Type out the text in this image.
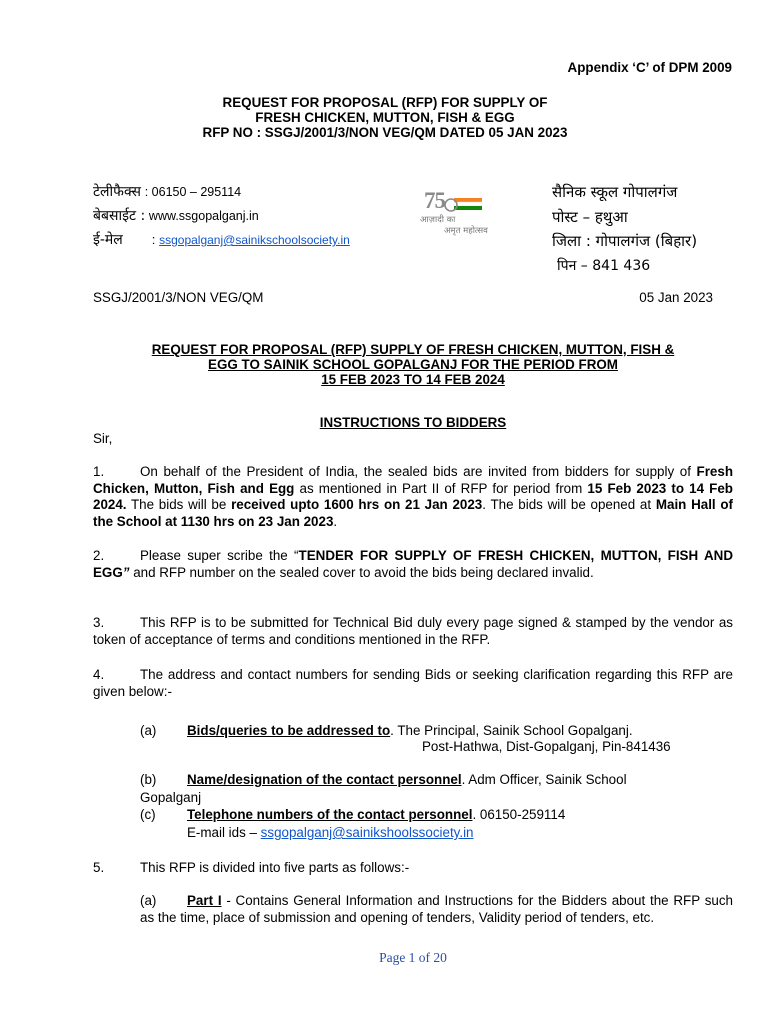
Appendix ‘C’ of DPM 2009
REQUEST FOR PROPOSAL (RFP) FOR SUPPLY OF
FRESH CHICKEN, MUTTON, FISH & EGG
RFP NO : SSGJ/2001/3/NON VEG/QM DATED 05 JAN 2023
टेलीफैक्स : 06150 – 295114
बेबसाईट : www.ssgopalganj.in
ई-मेल : ssgopalganj@sainikschoolsociety.in
75
आज़ादी का
अमृत महोत्सव
सैनिक स्कूल गोपालगंज
पोस्ट – हथुआ
जिला : गोपालगंज (बिहार)
पिन – 841 436
SSGJ/2001/3/NON VEG/QM	05 Jan 2023
REQUEST FOR PROPOSAL (RFP) SUPPLY OF FRESH CHICKEN, MUTTON, FISH &
EGG TO SAINIK SCHOOL GOPALGANJ FOR THE PERIOD FROM
15 FEB 2023 TO 14 FEB 2024
INSTRUCTIONS TO BIDDERS
Sir,
1.	On behalf of the President of India, the sealed bids are invited from bidders for supply of Fresh Chicken, Mutton, Fish and Egg as mentioned in Part II of RFP for period from 15 Feb 2023 to 14 Feb 2024. The bids will be received upto 1600 hrs on 21 Jan 2023. The bids will be opened at Main Hall of the School at 1130 hrs on 23 Jan 2023.
2.	Please super scribe the “TENDER FOR SUPPLY OF FRESH CHICKEN, MUTTON, FISH AND EGG” and RFP number on the sealed cover to avoid the bids being declared invalid.
3.	This RFP is to be submitted for Technical Bid duly every page signed & stamped by the vendor as token of acceptance of terms and conditions mentioned in the RFP.
4.	The address and contact numbers for sending Bids or seeking clarification regarding this RFP are given below:-
(a) Bids/queries to be addressed to. The Principal, Sainik School Gopalganj.
Post-Hathwa, Dist-Gopalganj, Pin-841436
(b) Name/designation of the contact personnel. Adm Officer, Sainik School
Gopalganj
(c) Telephone numbers of the contact personnel. 06150-259114
E-mail ids – ssgopalganj@sainikshoolssociety.in
5.	This RFP is divided into five parts as follows:-
(a) Part I - Contains General Information and Instructions for the Bidders about the RFP such as the time, place of submission and opening of tenders, Validity period of tenders, etc.
Page 1 of 20
